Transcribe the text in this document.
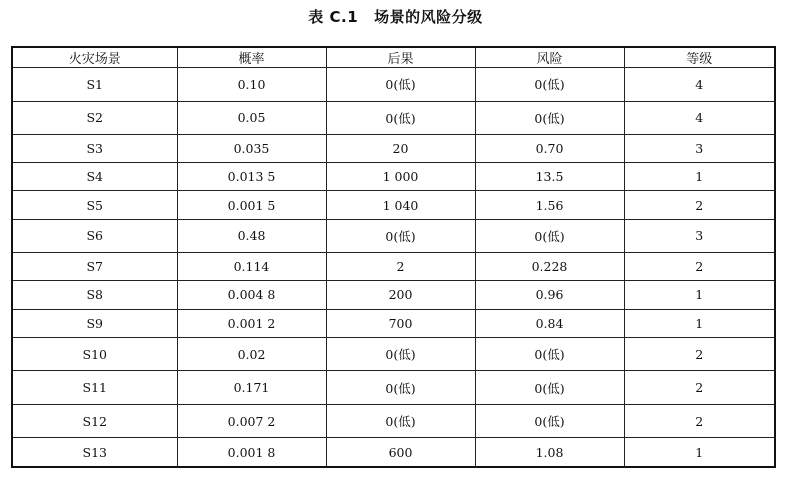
表 C.1 场景的风险分级
火灾场景	概率	后果	风险	等级
S1	0.10	0(低)	0(低)	4
S2	0.05	0(低)	0(低)	4
S3	0.035	20	0.70	3
S4	0.013 5	1 000	13.5	1
S5	0.001 5	1 040	1.56	2
S6	0.48	0(低)	0(低)	3
S7	0.114	2	0.228	2
S8	0.004 8	200	0.96	1
S9	0.001 2	700	0.84	1
S10	0.02	0(低)	0(低)	2
S11	0.171	0(低)	0(低)	2
S12	0.007 2	0(低)	0(低)	2
S13	0.001 8	600	1.08	1
